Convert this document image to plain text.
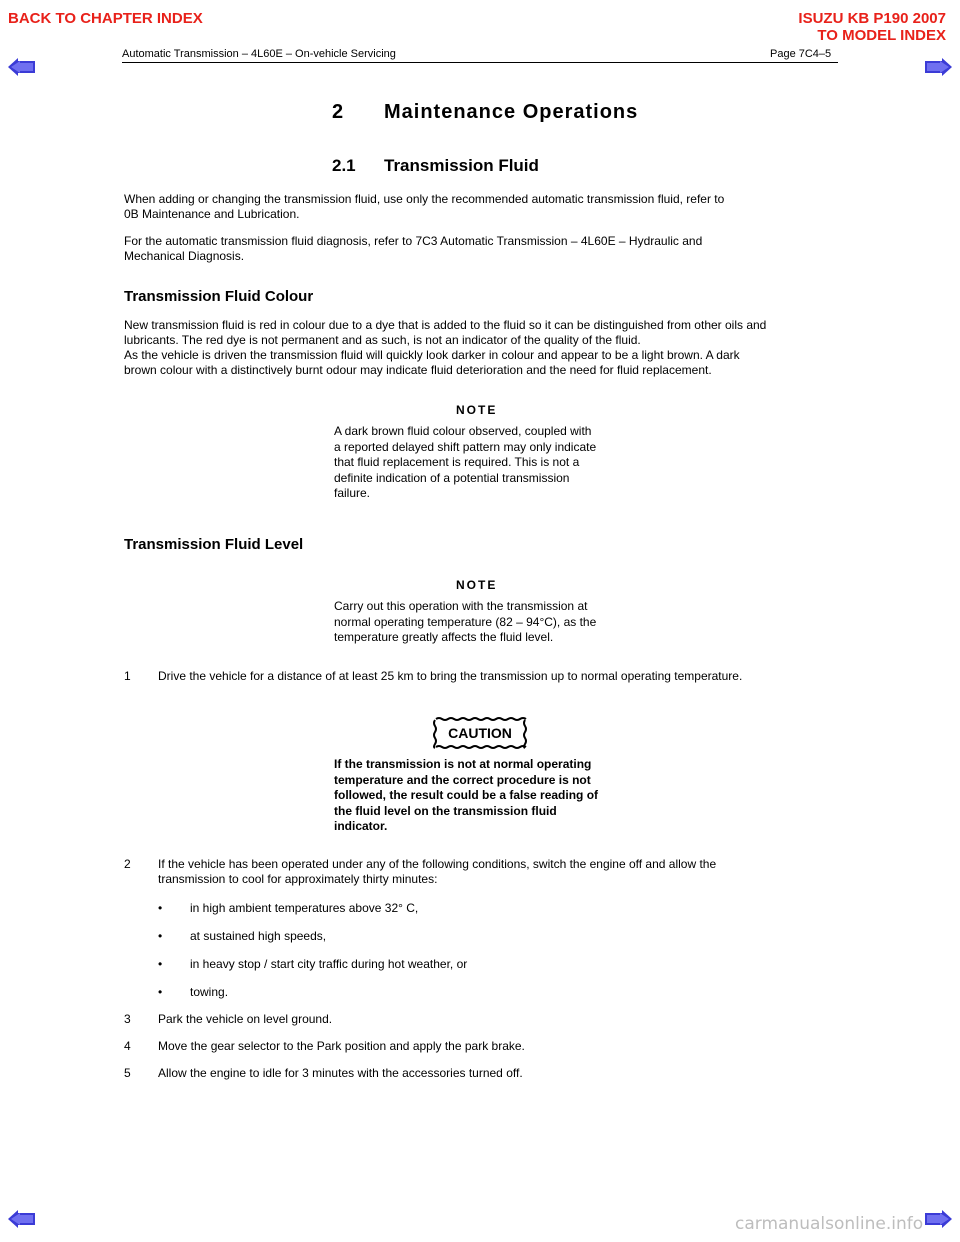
BACK TO CHAPTER INDEX	ISUZU KB P190 2007
TO MODEL INDEX
Automatic Transmission – 4L60E – On-vehicle Servicing	Page 7C4–5
2 Maintenance Operations
2.1 Transmission Fluid
When adding or changing the transmission fluid, use only the recommended automatic transmission fluid, refer to
0B Maintenance and Lubrication.
For the automatic transmission fluid diagnosis, refer to 7C3 Automatic Transmission – 4L60E – Hydraulic and
Mechanical Diagnosis.
Transmission Fluid Colour
New transmission fluid is red in colour due to a dye that is added to the fluid so it can be distinguished from other oils and
lubricants. The red dye is not permanent and as such, is not an indicator of the quality of the fluid.
As the vehicle is driven the transmission fluid will quickly look darker in colour and appear to be a light brown. A dark
brown colour with a distinctively burnt odour may indicate fluid deterioration and the need for fluid replacement.
NOTE
A dark brown fluid colour observed, coupled with
a reported delayed shift pattern may only indicate
that fluid replacement is required. This is not a
definite indication of a potential transmission
failure.
Transmission Fluid Level
NOTE
Carry out this operation with the transmission at
normal operating temperature (82 – 94°C), as the
temperature greatly affects the fluid level.
1 Drive the vehicle for a distance of at least 25 km to bring the transmission up to normal operating temperature.
CAUTION
If the transmission is not at normal operating
temperature and the correct procedure is not
followed, the result could be a false reading of
the fluid level on the transmission fluid
indicator.
2 If the vehicle has been operated under any of the following conditions, switch the engine off and allow the
transmission to cool for approximately thirty minutes:
• in high ambient temperatures above 32° C,
• at sustained high speeds,
• in heavy stop / start city traffic during hot weather, or
• towing.
3 Park the vehicle on level ground.
4 Move the gear selector to the Park position and apply the park brake.
5 Allow the engine to idle for 3 minutes with the accessories turned off.
carmanualsonline.info
